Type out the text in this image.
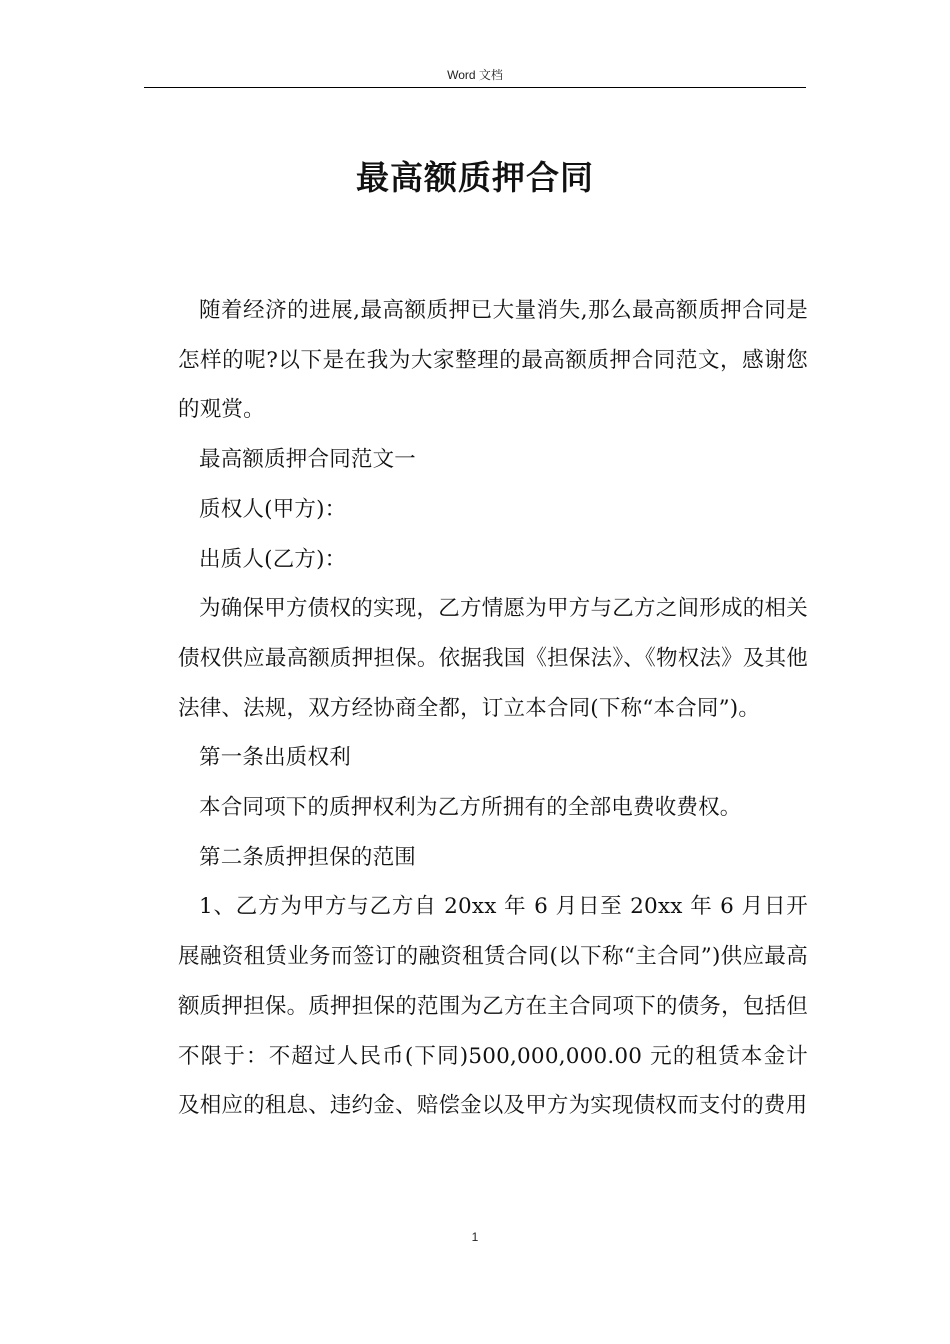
Word 文档
最高额质押合同

随着经济的进展,最高额质押已大量消失,那么最高额质押合同是怎样的呢?以下是在我为大家整理的最高额质押合同范文，感谢您的观赏。

最高额质押合同范文一

质权人(甲方)：

出质人(乙方)：

为确保甲方债权的实现，乙方情愿为甲方与乙方之间形成的相关债权供应最高额质押担保。依据我国《担保法》、《物权法》及其他法律、法规，双方经协商全都，订立本合同(下称“本合同”)。

第一条出质权利

本合同项下的质押权利为乙方所拥有的全部电费收费权。

第二条质押担保的范围

1、乙方为甲方与乙方自 20xx 年 6 月日至 20xx 年 6 月日开展融资租赁业务而签订的融资租赁合同(以下称“主合同”)供应最高额质押担保。质押担保的范围为乙方在主合同项下的债务，包括但不限于：不超过人民币(下同)500,000,000.00 元的租赁本金计及相应的租息、违约金、赔偿金以及甲方为实现债权而支付的费用

1
